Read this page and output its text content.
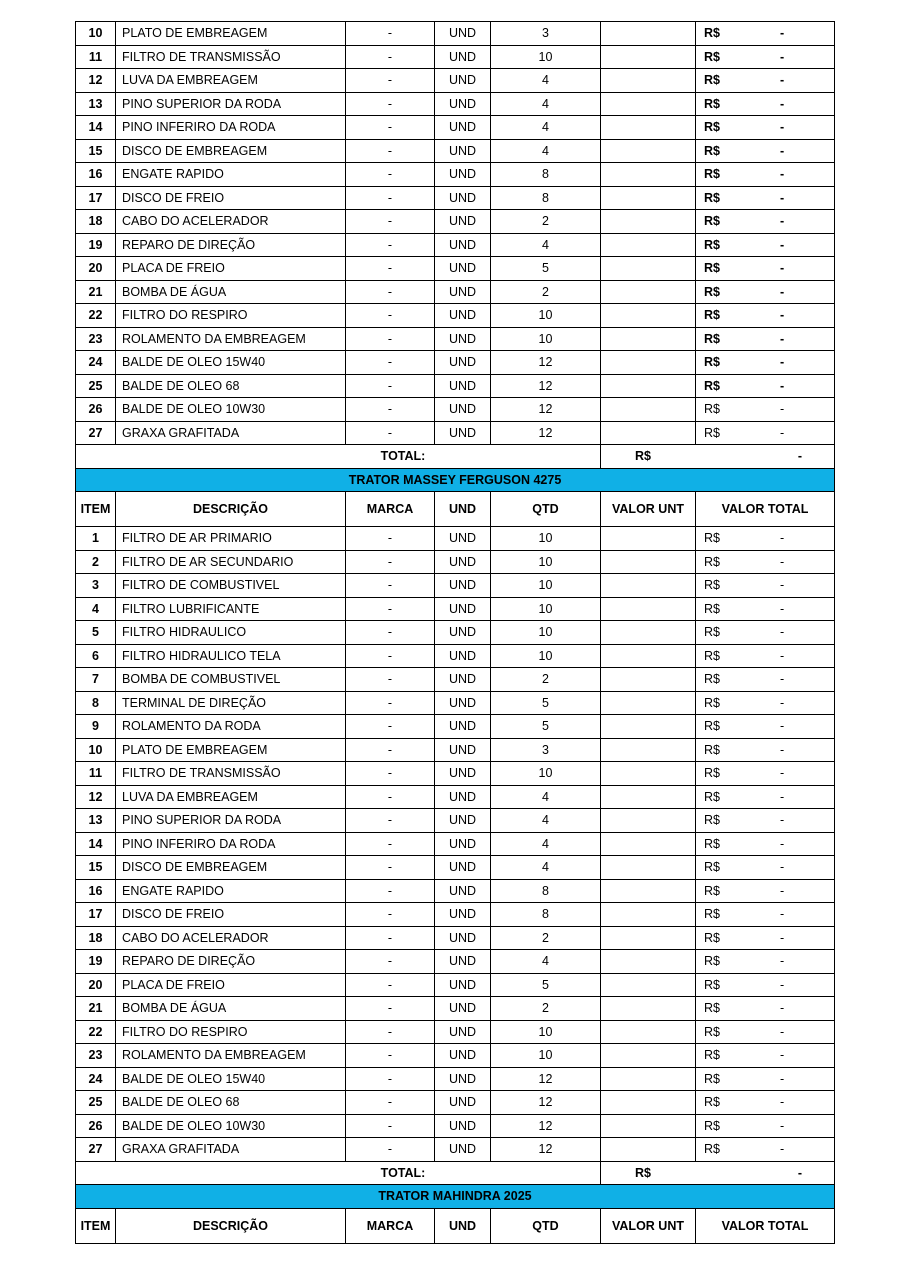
10	PLATO DE EMBREAGEM	-	UND	3		R$ -

11	FILTRO DE TRANSMISSÃO	-	UND	10		R$ -

12	LUVA DA EMBREAGEM	-	UND	4		R$ -

13	PINO SUPERIOR DA RODA	-	UND	4		R$ -

14	PINO INFERIRO DA RODA	-	UND	4		R$ -

15	DISCO DE EMBREAGEM	-	UND	4		R$ -

16	ENGATE RAPIDO	-	UND	8		R$ -

17	DISCO DE FREIO	-	UND	8		R$ -

18	CABO DO ACELERADOR	-	UND	2		R$ -

19	REPARO DE DIREÇÃO	-	UND	4		R$ -

20	PLACA DE FREIO	-	UND	5		R$ -

21	BOMBA DE ÁGUA	-	UND	2		R$ -

22	FILTRO DO RESPIRO	-	UND	10		R$ -

23	ROLAMENTO DA EMBREAGEM	-	UND	10		R$ -

24	BALDE DE OLEO 15W40	-	UND	12		R$ -

25	BALDE DE OLEO 68	-	UND	12		R$ -

26	BALDE DE OLEO 10W30	-	UND	12		R$ -

27	GRAXA GRAFITADA	-	UND	12		R$ -

TOTAL:					R$	-
TRATOR MASSEY FERGUSON 4275						
ITEM	DESCRIÇÃO	MARCA	UND	QTD	VALOR UNT	VALOR TOTAL
1	FILTRO DE AR PRIMARIO	-	UND	10		R$ -

2	FILTRO DE AR SECUNDARIO	-	UND	10		R$ -

3	FILTRO DE COMBUSTIVEL	-	UND	10		R$ -

4	FILTRO LUBRIFICANTE	-	UND	10		R$ -

5	FILTRO HIDRAULICO	-	UND	10		R$ -

6	FILTRO HIDRAULICO TELA	-	UND	10		R$ -

7	BOMBA DE COMBUSTIVEL	-	UND	2		R$ -

8	TERMINAL DE DIREÇÃO	-	UND	5		R$ -

9	ROLAMENTO DA RODA	-	UND	5		R$ -

10	PLATO DE EMBREAGEM	-	UND	3		R$ -

11	FILTRO DE TRANSMISSÃO	-	UND	10		R$ -

12	LUVA DA EMBREAGEM	-	UND	4		R$ -

13	PINO SUPERIOR DA RODA	-	UND	4		R$ -

14	PINO INFERIRO DA RODA	-	UND	4		R$ -

15	DISCO DE EMBREAGEM	-	UND	4		R$ -

16	ENGATE RAPIDO	-	UND	8		R$ -

17	DISCO DE FREIO	-	UND	8		R$ -

18	CABO DO ACELERADOR	-	UND	2		R$ -

19	REPARO DE DIREÇÃO	-	UND	4		R$ -

20	PLACA DE FREIO	-	UND	5		R$ -

21	BOMBA DE ÁGUA	-	UND	2		R$ -

22	FILTRO DO RESPIRO	-	UND	10		R$ -

23	ROLAMENTO DA EMBREAGEM	-	UND	10		R$ -

24	BALDE DE OLEO 15W40	-	UND	12		R$ -

25	BALDE DE OLEO 68	-	UND	12		R$ -

26	BALDE DE OLEO 10W30	-	UND	12		R$ -

27	GRAXA GRAFITADA	-	UND	12		R$ -

TOTAL:					R$	-
TRATOR MAHINDRA 2025						
ITEM	DESCRIÇÃO	MARCA	UND	QTD	VALOR UNT	VALOR TOTAL
